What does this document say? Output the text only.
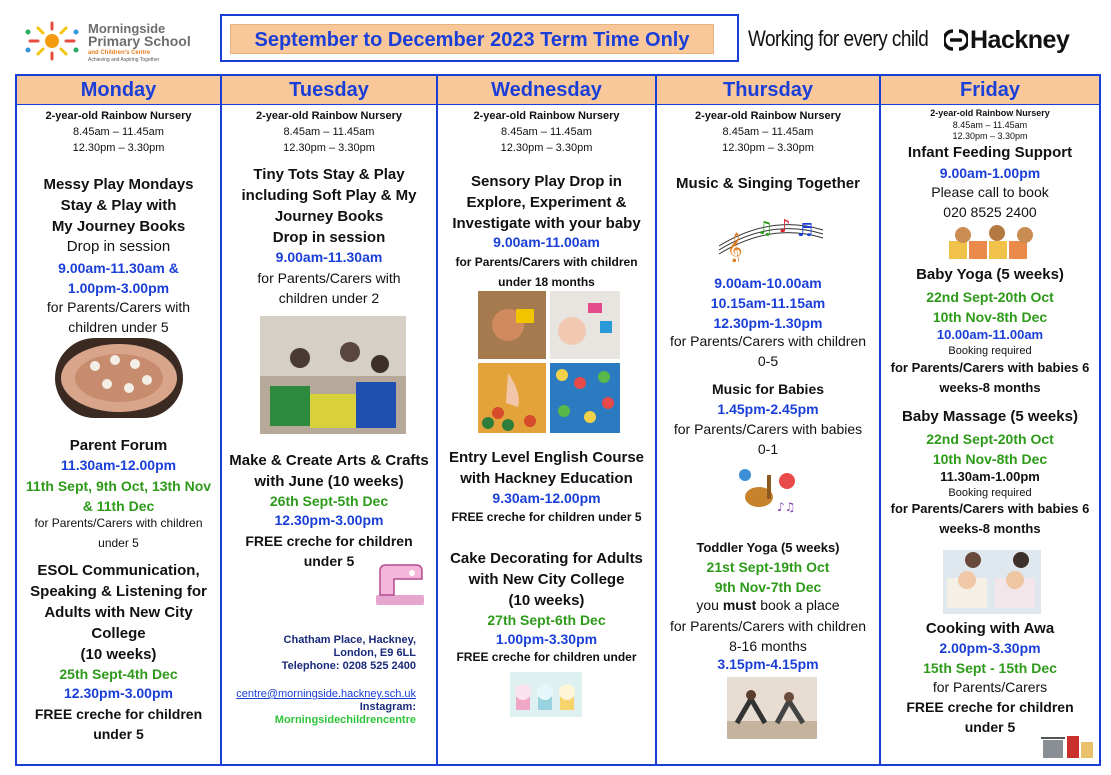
Morningside
Primary School
and Children's Centre
Achieving and Aspiring Together
September to December 2023 Term Time Only	Working for every child Hackney
Monday
2-year-old Rainbow Nursery
8.45am – 11.45am
12.30pm – 3.30pm
Messy Play Mondays
Stay & Play with
My Journey Books
Drop in session
9.00am-11.30am &
1.00pm-3.00pm
for Parents/Carers with
children under 5
Parent Forum
11.30am-12.00pm
11th Sept, 9th Oct, 13th Nov
& 11th Dec
for Parents/Carers with children
under 5
ESOL Communication,
Speaking & Listening for
Adults with New City
College
(10 weeks)
25th Sept-4th Dec
12.30pm-3.00pm
FREE creche for children
under 5
Tuesday
2-year-old Rainbow Nursery
8.45am – 11.45am
12.30pm – 3.30pm
Tiny Tots Stay & Play
including Soft Play & My
Journey Books
Drop in session
9.00am-11.30am
for Parents/Carers with
children under 2
Make & Create Arts & Crafts
with June (10 weeks)
26th Sept-5th Dec
12.30pm-3.00pm
FREE creche for children
under 5
Chatham Place, Hackney,
London, E9 6LL
Telephone: 0208 525 2400
centre@morningside.hackney.sch.uk
Instagram:
Morningsidechildrencentre
Wednesday
2-year-old Rainbow Nursery
8.45am – 11.45am
12.30pm – 3.30pm
Sensory Play Drop in
Explore, Experiment &
Investigate with your baby
9.00am-11.00am
for Parents/Carers with children
under 18 months
Entry Level English Course
with Hackney Education
9.30am-12.00pm
FREE creche for children under 5
Cake Decorating for Adults
with New City College
(10 weeks)
27th Sept-6th Dec
1.00pm-3.30pm
FREE creche for children under
Thursday
2-year-old Rainbow Nursery
8.45am – 11.45am
12.30pm – 3.30pm
Music & Singing Together
𝄞
♫ ♪ ♬
9.00am-10.00am
10.15am-11.15am
12.30pm-1.30pm
for Parents/Carers with children
0-5
Music for Babies
1.45pm-2.45pm
for Parents/Carers with babies
0-1
♪♫
Toddler Yoga (5 weeks)
21st Sept-19th Oct
9th Nov-7th Dec
you must book a place
for Parents/Carers with children
8-16 months
3.15pm-4.15pm
Friday
2-year-old Rainbow Nursery
8.45am – 11.45am
12.30pm – 3.30pm
Infant Feeding Support
9.00am-1.00pm
Please call to book
020 8525 2400
Baby Yoga (5 weeks)
22nd Sept-20th Oct
10th Nov-8th Dec
10.00am-11.00am
Booking required
for Parents/Carers with babies 6
weeks-8 months
Baby Massage (5 weeks)
22nd Sept-20th Oct
10th Nov-8th Dec
11.30am-1.00pm
Booking required
for Parents/Carers with babies 6
weeks-8 months
Cooking with Awa
2.00pm-3.30pm
15th Sept - 15th Dec
for Parents/Carers
FREE creche for children
under 5
